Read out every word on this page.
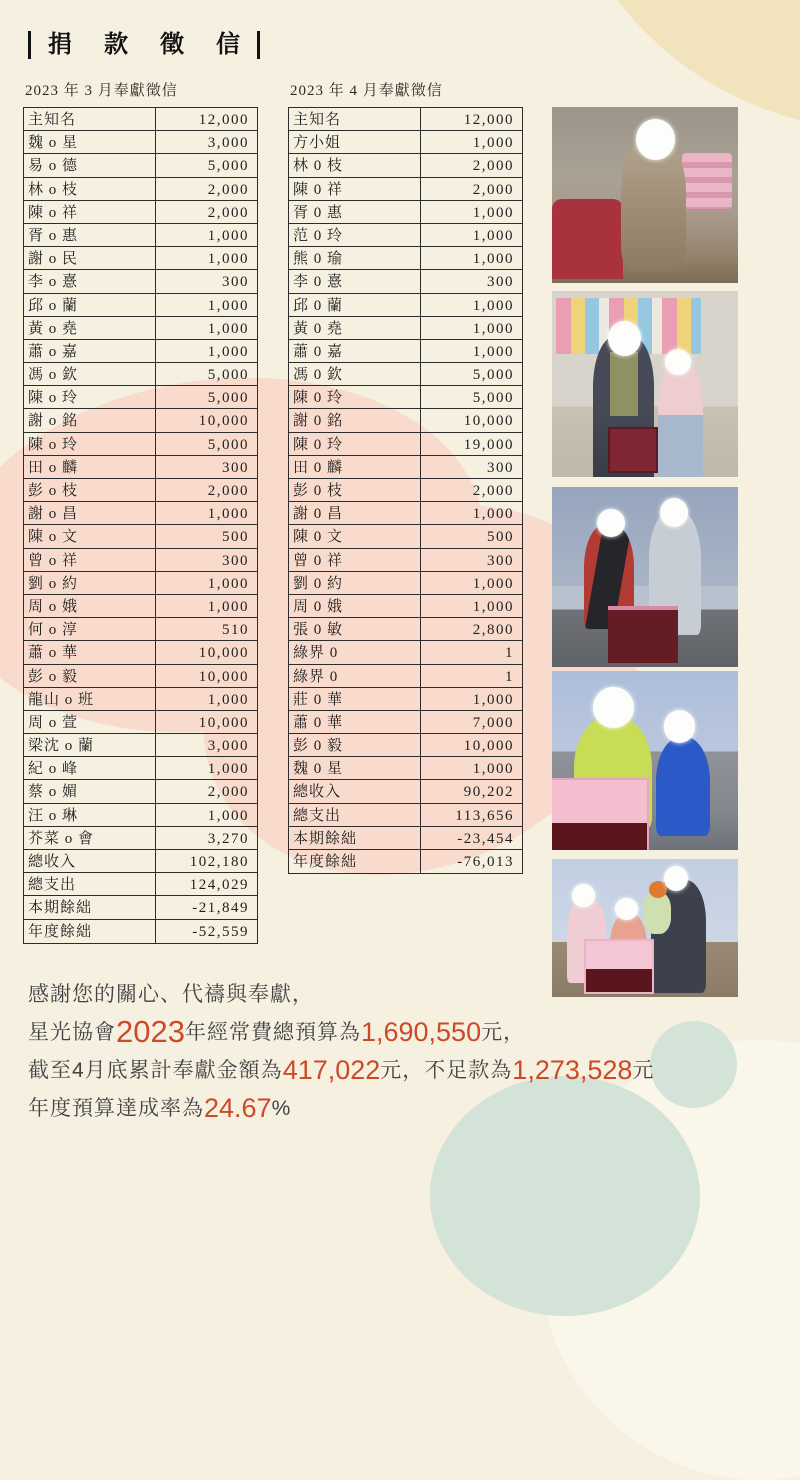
捐 款 徵 信

2023 年 3 月奉獻徵信

主知名	12,000
魏 o 星	3,000
易 o 德	5,000
林 o 枝	2,000
陳 o 祥	2,000
胥 o 惠	1,000
謝 o 民	1,000
李 o 憙	300
邱 o 蘭	1,000
黃 o 堯	1,000
蕭 o 嘉	1,000
馮 o 欽	5,000
陳 o 玲	5,000
謝 o 銘	10,000
陳 o 玲	5,000
田 o 麟	300
彭 o 枝	2,000
謝 o 昌	1,000
陳 o 文	500
曾 o 祥	300
劉 o 約	1,000
周 o 娥	1,000
何 o 淳	510
蕭 o 華	10,000
彭 o 毅	10,000
龍山 o 班	1,000
周 o 萱	10,000
梁沈 o 蘭	3,000
紀 o 峰	1,000
蔡 o 媚	2,000
汪 o 琳	1,000
芥菜 o 會	3,270
總收入	102,180
總支出	124,029
本期餘絀	-21,849
年度餘絀	-52,559

2023 年 4 月奉獻徵信

主知名	12,000
方小姐	1,000
林 0 枝	2,000
陳 0 祥	2,000
胥 0 惠	1,000
范 0 玲	1,000
熊 0 瑜	1,000
李 0 憙	300
邱 0 蘭	1,000
黃 0 堯	1,000
蕭 0 嘉	1,000
馮 0 欽	5,000
陳 0 玲	5,000
謝 0 銘	10,000
陳 0 玲	19,000
田 0 麟	300
彭 0 枝	2,000
謝 0 昌	1,000
陳 0 文	500
曾 0 祥	300
劉 0 約	1,000
周 0 娥	1,000
張 0 敏	2,800
綠界 0	1
綠界 0	1
莊 0 華	1,000
蕭 0 華	7,000
彭 0 毅	10,000
魏 0 星	1,000
總收入	90,202
總支出	113,656
本期餘絀	-23,454
年度餘絀	-76,013
感謝您的關心、代禱與奉獻，
星光協會2023年經常費總預算為1,690,550元，
截至4月底累計奉獻金額為417,022元，不足款為1,273,528元
年度預算達成率為24.67%
